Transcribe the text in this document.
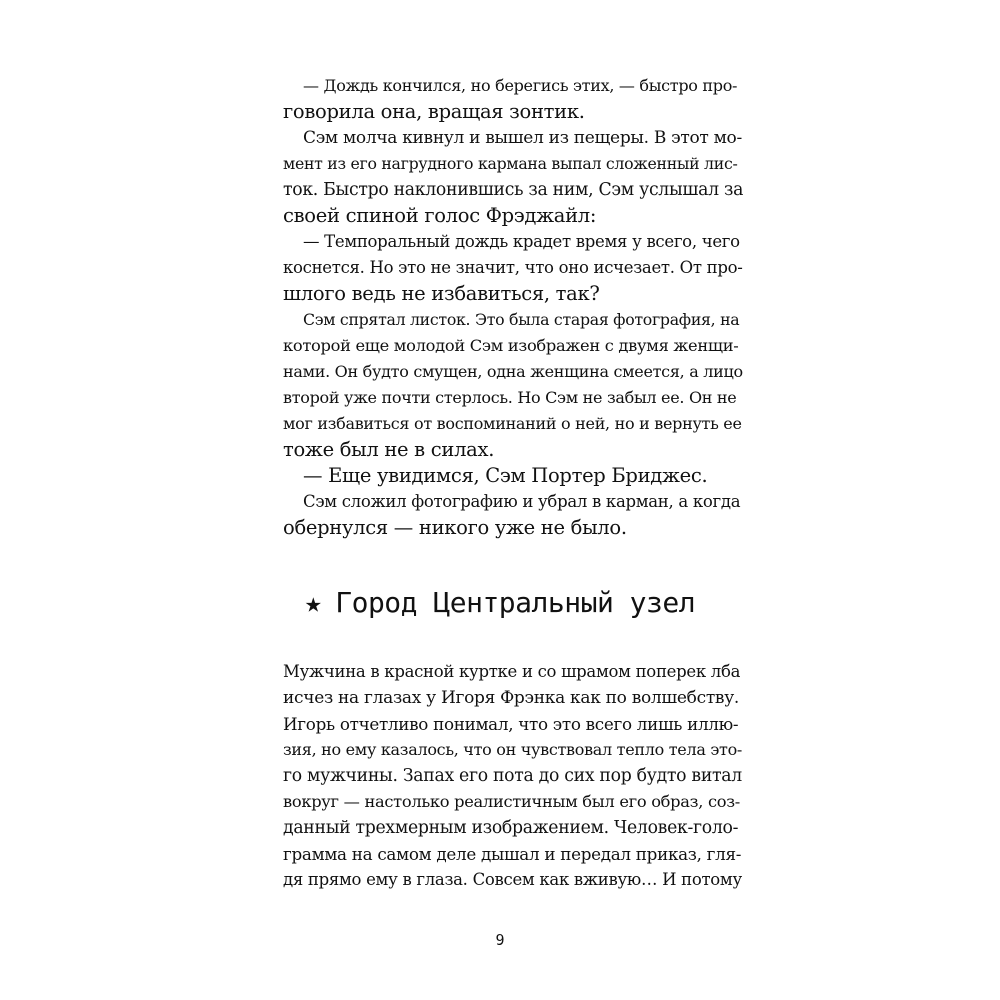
— Дождь кончился, но берегись этих, — быстро про-
говорила она, вращая зонтик.
Сэм молча кивнул и вышел из пещеры. В этот мо-
мент из его нагрудного кармана выпал сложенный лис-
ток. Быстро наклонившись за ним, Сэм услышал за
своей спиной голос Фрэджайл:
— Темпоральный дождь крадет время у всего, чего
коснется. Но это не значит, что оно исчезает. От про-
шлого ведь не избавиться, так?
Сэм спрятал листок. Это была старая фотография, на
которой еще молодой Сэм изображен с двумя женщи-
нами. Он будто смущен, одна женщина смеется, а лицо
второй уже почти стерлось. Но Сэм не забыл ее. Он не
мог избавиться от воспоминаний о ней, но и вернуть ее
тоже был не в силах.
— Еще увидимся, Сэм Портер Бриджес.
Сэм сложил фотографию и убрал в карман, а когда
обернулся — никого уже не было.
★ Город Центральный узел
Мужчина в красной куртке и со шрамом поперек лба
исчез на глазах у Игоря Фрэнка как по волшебству.
Игорь отчетливо понимал, что это всего лишь иллю-
зия, но ему казалось, что он чувствовал тепло тела это-
го мужчины. Запах его пота до сих пор будто витал
вокруг — настолько реалистичным был его образ, соз-
данный трехмерным изображением. Человек-голо-
грамма на самом деле дышал и передал приказ, гля-
дя прямо ему в глаза. Совсем как вживую… И потому
9
